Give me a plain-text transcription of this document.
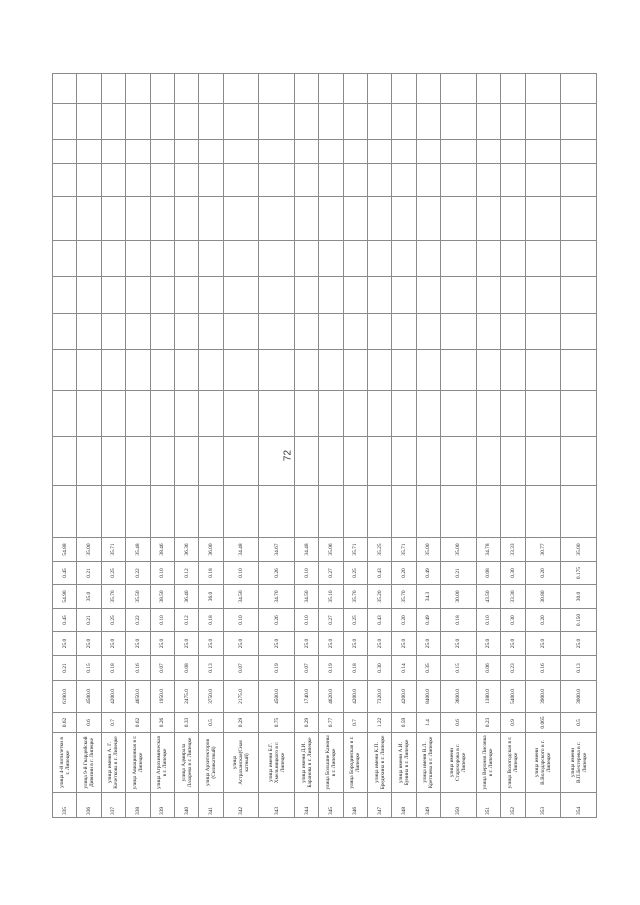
72
335	улица 4-й пятилетки в г. Липецке	0.62	6190.0	0.21	25.0	0.45	54.90	0.45	54.88												
336	улица 9-й Гвардейской Дивизии в г. Липецке	0.6	4500.0	0.15	25.0	0.21	35.0	0.21	35.00												
337	улица имени А. Г. Кочеткова в г. Липецке	0.7	4200.0	0.18	25.0	0.25	35.70	0.25	35.71												
338	улица Авиационная в г. Липецке	0.62	4650.0	0.16	25.0	0.22	35.50	0.22	35.48												
339	улица Агрохимическая в г. Липецке	0.26	1950.0	0.07	25.0	0.10	38.50	0.10	38.46												
340	улица Адмирала Лазарева в г. Липецке	0.33	2475.0	0.08	25.0	0.12	36.40	0.12	36.36												
341	улица Архитекторов (Силикатный)	0.5	3750.0	0.13	25.0	0.18	36.0	0.18	36.00												
342	улица Астраханская(Сная катный)	0.29	2175.0	0.07	25.0	0.10	34.50	0.10	34.48												
343	улица имени Б.Г. Хмельницкого в г. Липецке	0.75	4500.0	0.19	25.0	0.26	34.70	0.26	34.67												
344	улица имени Д.И. Баранова в г. Липецке	0.29	1740.0	0.07	25.0	0.10	34.50	0.10	34.48												
345	улица Большие Каноны в г. Липецке	0.77	4620.0	0.19	25.0	0.27	35.10	0.27	35.06												
346	улица Бородинская в г. Липецке	0.7	4200.0	0.18	25.0	0.25	35.70	0.25	35.71												
347	улица имени К.П. Бредихина в г. Липецке	1.22	7320.0	0.30	25.0	0.43	35.20	0.43	35.25												
348	улица имени А.И. Бунина в г. Липецке	0.59	4200.0	0.14	25.0	0.20	35.70	0.20	35.71												
349	улица имени В.Л. Кретшева в г. Липецке	1.4	8400.0	0.35	25.0	0.49	34.3	0.49	35.00												
350	улица имени Старохорова в г. Липецке	0.6	3600.0	0.15	25.0	0.18	30.00	0.21	35.00												
351	улица Верхняя Лисовка в г. Липецке	0.23	1380.0	0.06	25.0	0.10	43.50	0.08	34.78												
352	улица Вологодская в г. Липецке	0.9	5400.0	0.23	25.0	0.30	33.30	0.30	33.33												
353	улица имени В.Володарского в г. Липецке	0.065	3900.0	0.16	25.0	0.20	30.80	0.20	30.77												
354	улица имени В.П.Бехтерева в г. Липецке	0.5	3000.0	0.13	25.0	0.150	30.0	0.175	35.00												
